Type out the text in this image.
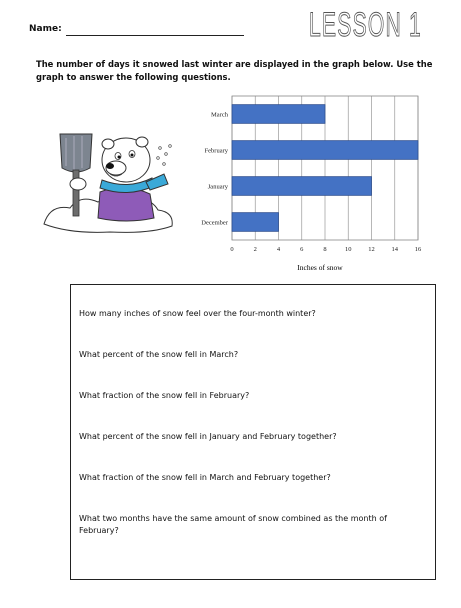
Name:	LESSON 1
The number of days it snowed last winter are displayed in the graph below. Use the graph to answer the following questions.
March
February
January
December
0	2	4	6	8	10	12	14	16
Inches of snow
How many inches of snow feel over the four-month winter?
What percent of the snow fell in March?
What fraction of the snow fell in February?
What percent of the snow fell in January and February together?
What fraction of the snow fell in March and February together?
What two months have the same amount of snow combined as the month of February?
